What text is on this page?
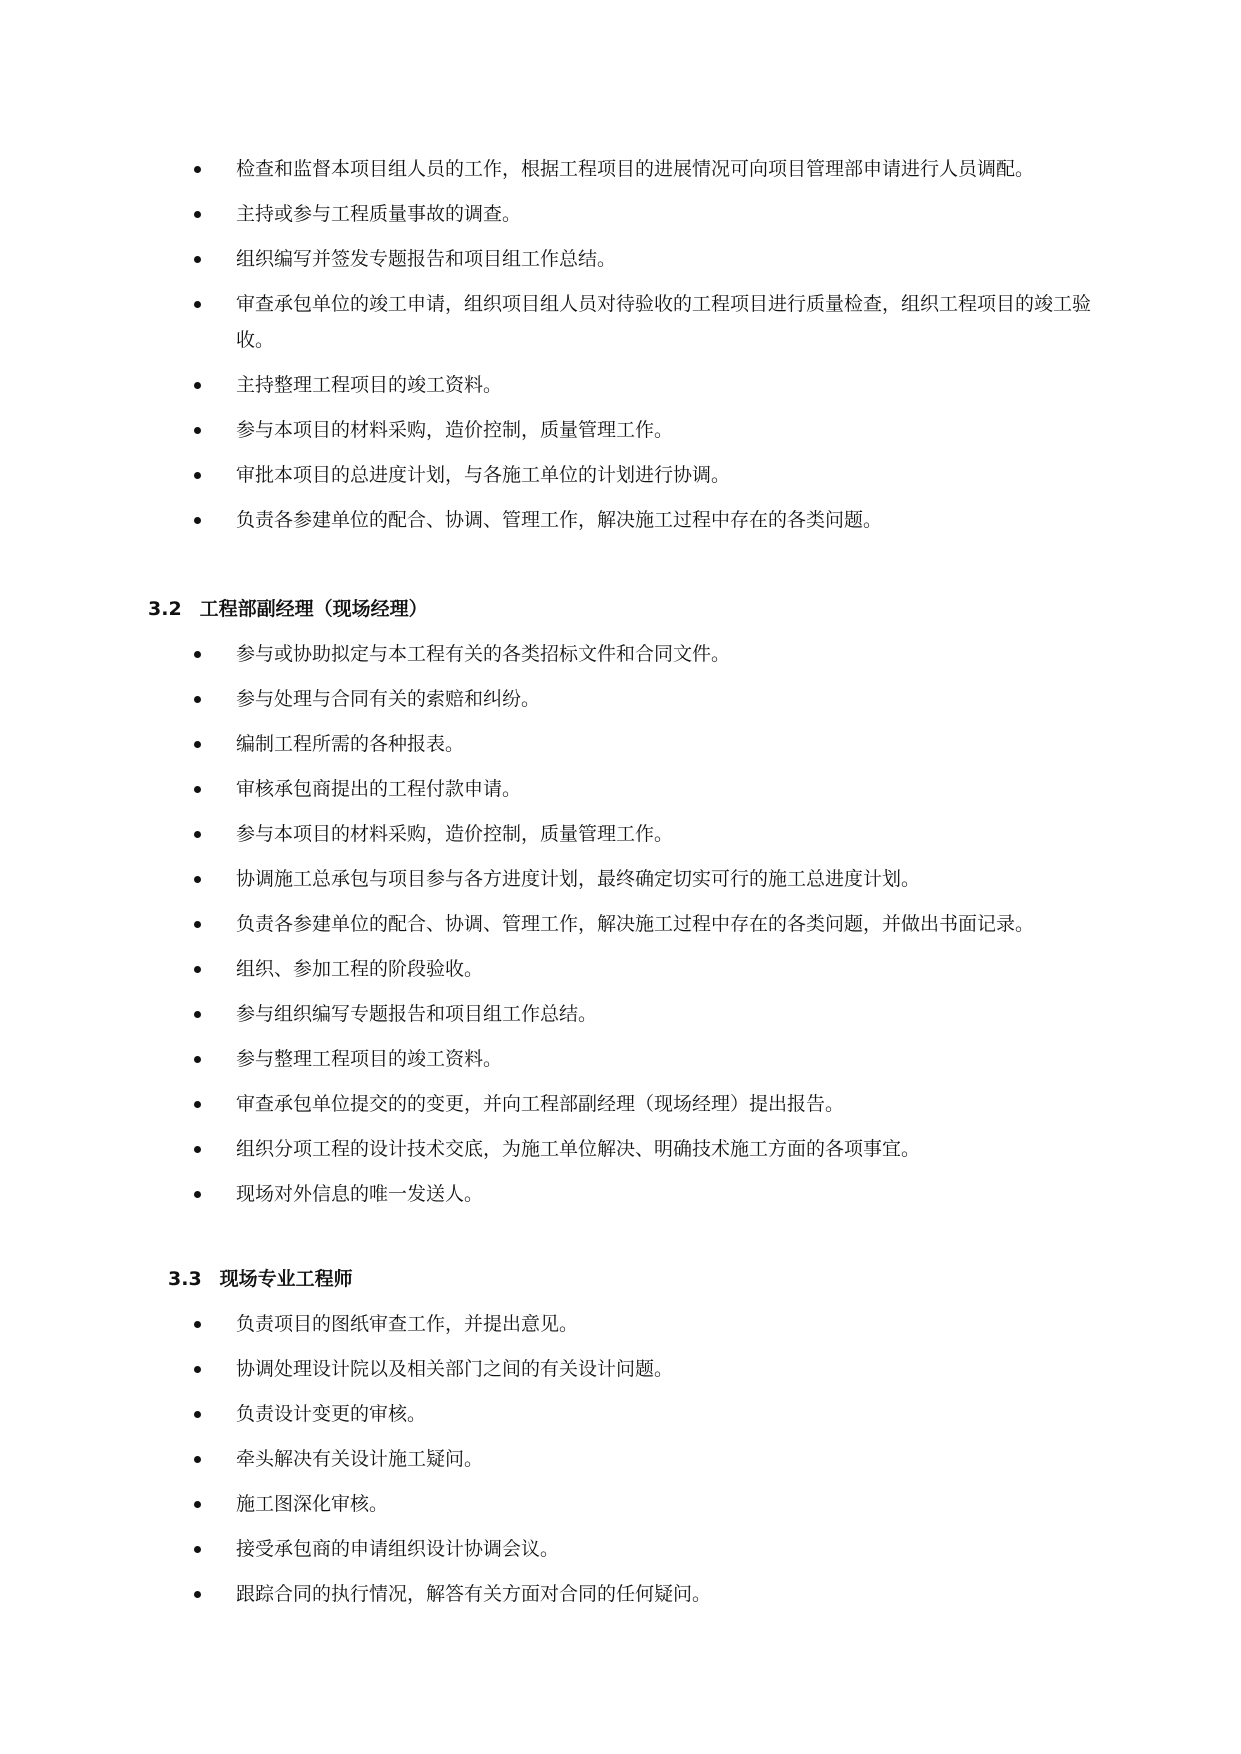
检查和监督本项目组人员的工作，根据工程项目的进展情况可向项目管理部申请进行人员调配。
主持或参与工程质量事故的调查。
组织编写并签发专题报告和项目组工作总结。
审查承包单位的竣工申请，组织项目组人员对待验收的工程项目进行质量检查，组织工程项目的竣工验收。
主持整理工程项目的竣工资料。
参与本项目的材料采购，造价控制，质量管理工作。
审批本项目的总进度计划，与各施工单位的计划进行协调。
负责各参建单位的配合、协调、管理工作，解决施工过程中存在的各类问题。
3.2 工程部副经理（现场经理）
参与或协助拟定与本工程有关的各类招标文件和合同文件。
参与处理与合同有关的索赔和纠纷。
编制工程所需的各种报表。
审核承包商提出的工程付款申请。
参与本项目的材料采购，造价控制，质量管理工作。
协调施工总承包与项目参与各方进度计划，最终确定切实可行的施工总进度计划。
负责各参建单位的配合、协调、管理工作，解决施工过程中存在的各类问题，并做出书面记录。
组织、参加工程的阶段验收。
参与组织编写专题报告和项目组工作总结。
参与整理工程项目的竣工资料。
审查承包单位提交的的变更，并向工程部副经理（现场经理）提出报告。
组织分项工程的设计技术交底，为施工单位解决、明确技术施工方面的各项事宜。
现场对外信息的唯一发送人。
3.3 现场专业工程师
负责项目的图纸审查工作，并提出意见。
协调处理设计院以及相关部门之间的有关设计问题。
负责设计变更的审核。
牵头解决有关设计施工疑问。
施工图深化审核。
接受承包商的申请组织设计协调会议。
跟踪合同的执行情况，解答有关方面对合同的任何疑问。
